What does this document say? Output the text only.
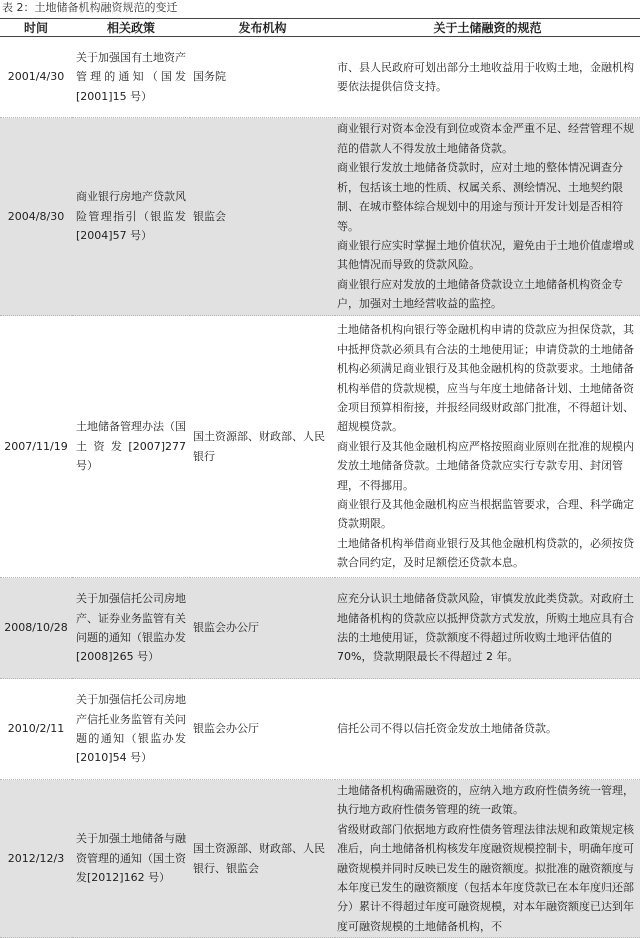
表 2：土地储备机构融资规范的变迁
时间	相关政策	发布机构	关于土储融资的规范
2001/4/30	关于加强国有土地资产管理的通知（国发[2001]15 号）	国务院	市、县人民政府可划出部分土地收益用于收购土地，金融机构要依法提供信贷支持。

2004/8/30	商业银行房地产贷款风险管理指引（银监发[2004]57 号）	银监会	商业银行对资本金没有到位或资本金严重不足、经营管理不规范的借款人不得发放土地储备贷款。

商业银行发放土地储备贷款时，应对土地的整体情况调查分析，包括该土地的性质、权属关系、测绘情况、土地契约限制、在城市整体综合规划中的用途与预计开发计划是否相符等。

商业银行应实时掌握土地价值状况，避免由于土地价值虚增或其他情况而导致的贷款风险。

商业银行应对发放的土地储备贷款设立土地储备机构资金专户，加强对土地经营收益的监控。

2007/11/19	土地储备管理办法（国土资发[2007]277 号）	国土资源部、财政部、人民银行	土地储备机构向银行等金融机构申请的贷款应为担保贷款，其中抵押贷款必须具有合法的土地使用证；申请贷款的土地储备机构必须满足商业银行及其他金融机构的贷款要求。土地储备机构举借的贷款规模，应当与年度土地储备计划、土地储备资金项目预算相衔接，并报经同级财政部门批准，不得超计划、超规模贷款。

商业银行及其他金融机构应严格按照商业原则在批准的规模内发放土地储备贷款。土地储备贷款应实行专款专用、封闭管理，不得挪用。

商业银行及其他金融机构应当根据监管要求，合理、科学确定贷款期限。

土地储备机构举借商业银行及其他金融机构贷款的，必须按贷款合同约定，及时足额偿还贷款本息。

2008/10/28	关于加强信托公司房地产、证券业务监管有关问题的通知（银监办发[2008]265 号）	银监会办公厅	应充分认识土地储备贷款风险，审慎发放此类贷款。对政府土地储备机构的贷款应以抵押贷款方式发放，所购土地应具有合法的土地使用证，贷款额度不得超过所收购土地评估值的 70%，贷款期限最长不得超过 2 年。

2010/2/11	关于加强信托公司房地产信托业务监管有关问题的通知（银监办发[2010]54 号）	银监会办公厅	信托公司不得以信托资金发放土地储备贷款。

2012/12/3	关于加强土地储备与融资管理的通知（国土资发[2012]162 号）	国土资源部、财政部、人民银行、银监会	土地储备机构确需融资的，应纳入地方政府性债务统一管理，执行地方政府性债务管理的统一政策。

省级财政部门依据地方政府性债务管理法律法规和政策规定核准后，向土地储备机构核发年度融资规模控制卡，明确年度可融资规模并同时反映已发生的融资额度。拟批准的融资额度与本年度已发生的融资额度（包括本年度贷款已在本年度归还部分）累计不得超过年度可融资规模，对本年融资额度已达到年度可融资规模的土地储备机构，不
